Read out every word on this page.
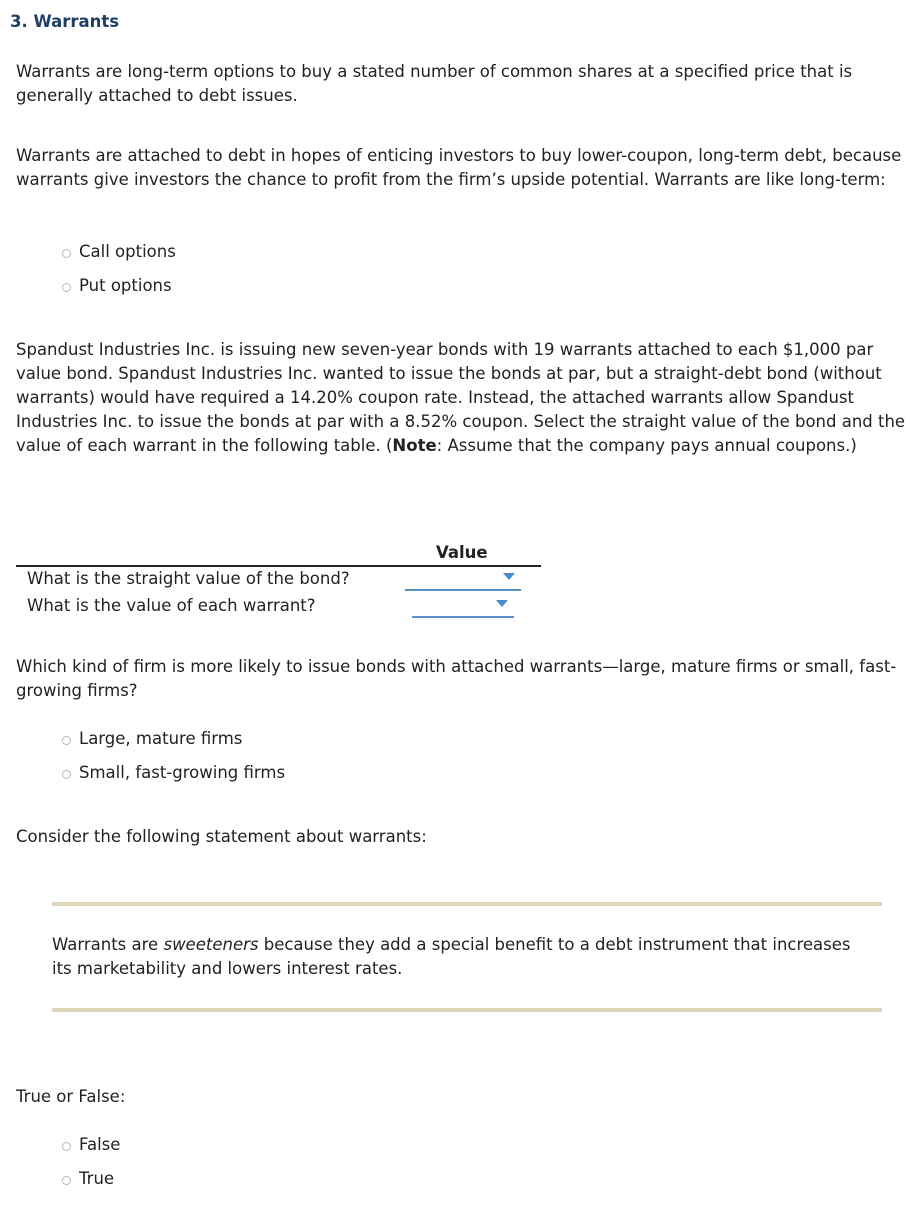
3. Warrants
Warrants are long-term options to buy a stated number of common shares at a specified price that is generally attached to debt issues.
Warrants are attached to debt in hopes of enticing investors to buy lower-coupon, long-term debt, because warrants give investors the chance to profit from the firm’s upside potential. Warrants are like long-term:
Call options
Put options
Spandust Industries Inc. is issuing new seven-year bonds with 19 warrants attached to each $1,000 par value bond. Spandust Industries Inc. wanted to issue the bonds at par, but a straight-debt bond (without warrants) would have required a 14.20% coupon rate. Instead, the attached warrants allow Spandust Industries Inc. to issue the bonds at par with a 8.52% coupon. Select the straight value of the bond and the value of each warrant in the following table. (Note: Assume that the company pays annual coupons.)
Value
What is the straight value of the bond?
What is the value of each warrant?
Which kind of firm is more likely to issue bonds with attached warrants—large, mature firms or small, fast-growing firms?
Large, mature firms
Small, fast-growing firms
Consider the following statement about warrants:
Warrants are sweeteners because they add a special benefit to a debt instrument that increases its marketability and lowers interest rates.
True or False:
False
True
